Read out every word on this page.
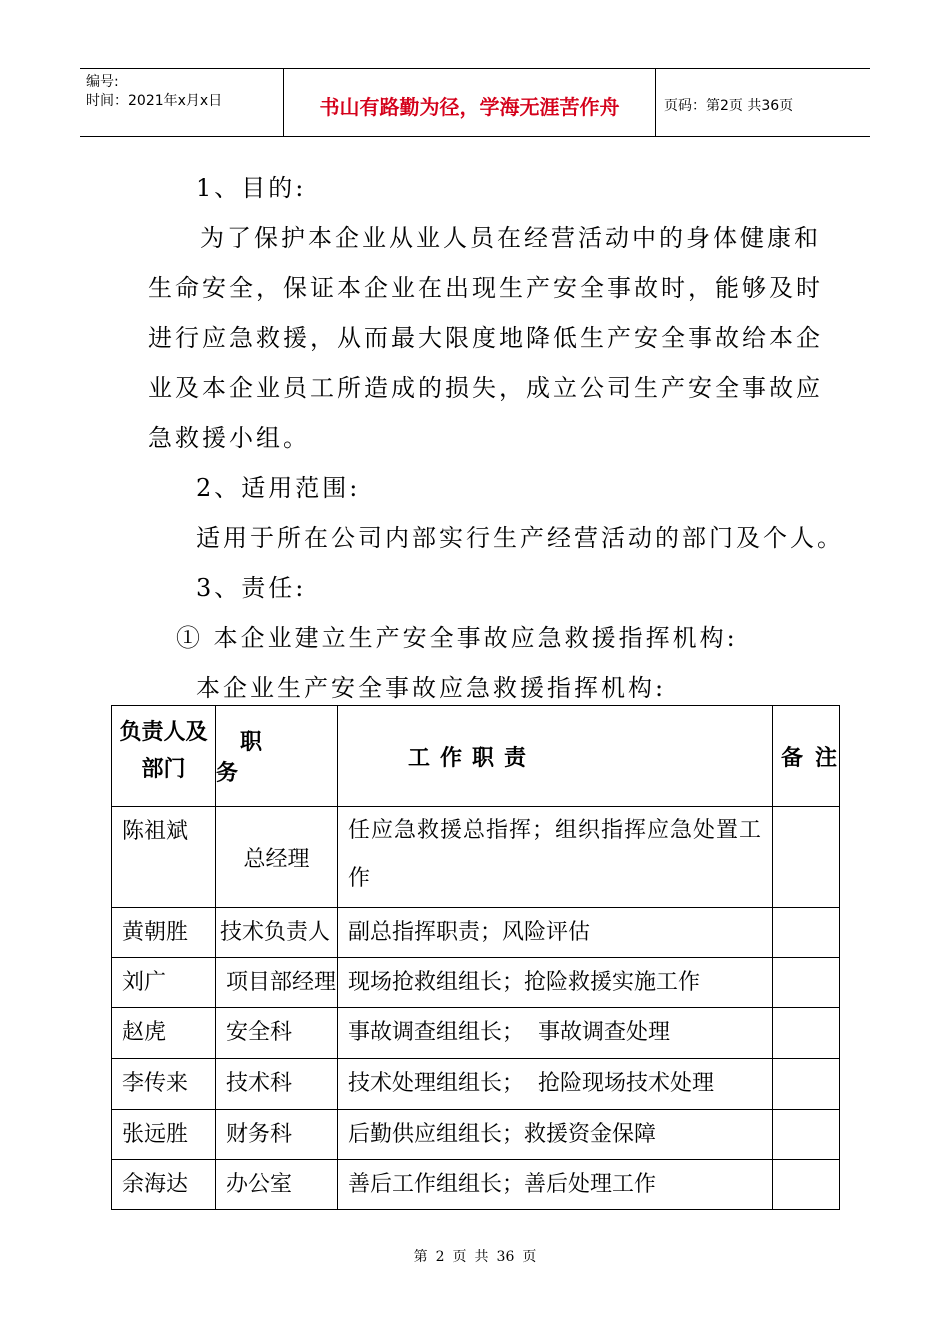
编号:
时间：2021年x月x日	书山有路勤为径，学海无涯苦作舟	页码：第2页 共36页
1、目的:
为了保护本企业从业人员在经营活动中的身体健康和
生命安全，保证本企业在出现生产安全事故时，能够及时
进行应急救援，从而最大限度地降低生产安全事故给本企
业及本企业员工所造成的损失，成立公司生产安全事故应
急救援小组。
2、适用范围:
适用于所在公司内部实行生产经营活动的部门及个人。
3、责任:
① 本企业建立生产安全事故应急救援指挥机构:
本企业生产安全事故应急救援指挥机构:
负责人及
部门	职 务	工作职责	备注
陈祖斌	总经理	任应急救援总指挥；组织指挥应急处置工作	
黄朝胜	技术负责人	副总指挥职责；风险评估	
刘广	项目部经理	现场抢救组组长；抢险救援实施工作	
赵虎	安全科	事故调查组组长；  事故调查处理	
李传来	技术科	技术处理组组长；  抢险现场技术处理	
张远胜	财务科	后勤供应组组长；救援资金保障	
余海达	办公室	善后工作组组长；善后处理工作	
第 2 页 共 36 页
